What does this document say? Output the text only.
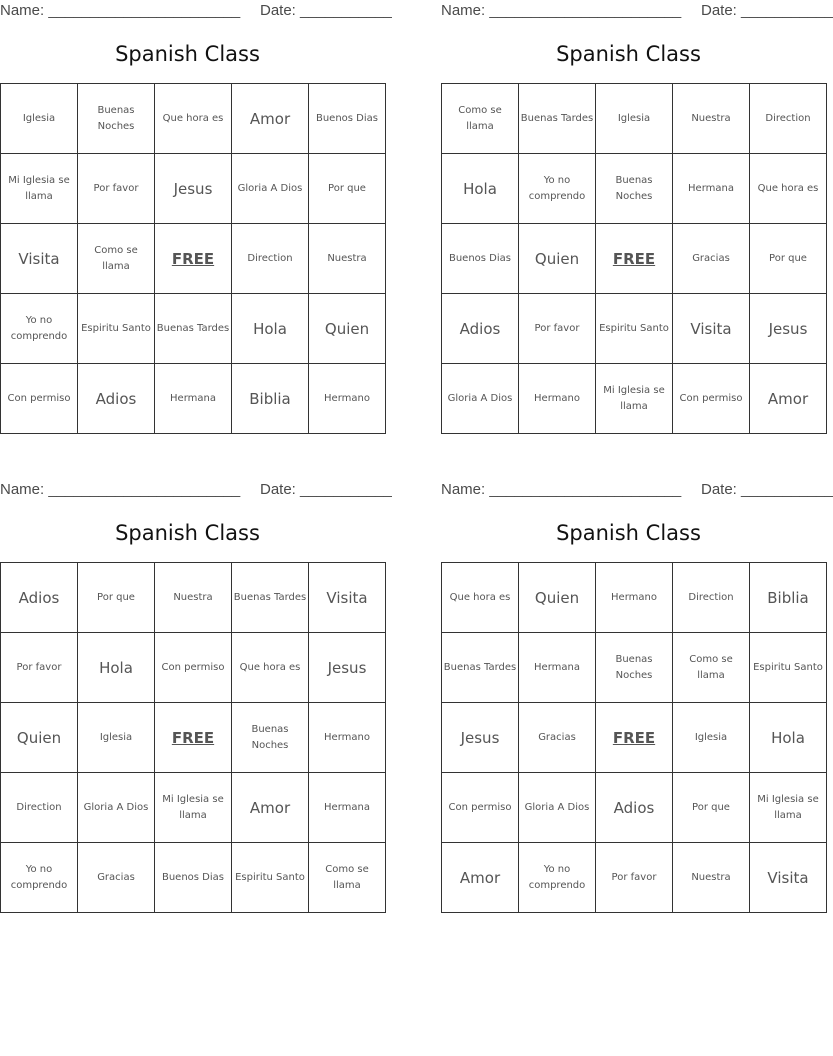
Name: _______________________ Date: ___________
Spanish Class
Iglesia	Buenas Noches	Que hora es	Amor	Buenos Dias
Mi Iglesia se llama	Por favor	Jesus	Gloria A Dios	Por que
Visita	Como se llama	FREE	Direction	Nuestra
Yo no comprendo	Espiritu Santo	Buenas Tardes	Hola	Quien
Con permiso	Adios	Hermana	Biblia	Hermano
Name: _______________________ Date: ___________
Spanish Class
Como se llama	Buenas Tardes	Iglesia	Nuestra	Direction
Hola	Yo no comprendo	Buenas Noches	Hermana	Que hora es
Buenos Dias	Quien	FREE	Gracias	Por que
Adios	Por favor	Espiritu Santo	Visita	Jesus
Gloria A Dios	Hermano	Mi Iglesia se llama	Con permiso	Amor
Name: _______________________ Date: ___________
Spanish Class
Adios	Por que	Nuestra	Buenas Tardes	Visita
Por favor	Hola	Con permiso	Que hora es	Jesus
Quien	Iglesia	FREE	Buenas Noches	Hermano
Direction	Gloria A Dios	Mi Iglesia se llama	Amor	Hermana
Yo no comprendo	Gracias	Buenos Dias	Espiritu Santo	Como se llama
Name: _______________________ Date: ___________
Spanish Class
Que hora es	Quien	Hermano	Direction	Biblia
Buenas Tardes	Hermana	Buenas Noches	Como se llama	Espiritu Santo
Jesus	Gracias	FREE	Iglesia	Hola
Con permiso	Gloria A Dios	Adios	Por que	Mi Iglesia se llama
Amor	Yo no comprendo	Por favor	Nuestra	Visita
